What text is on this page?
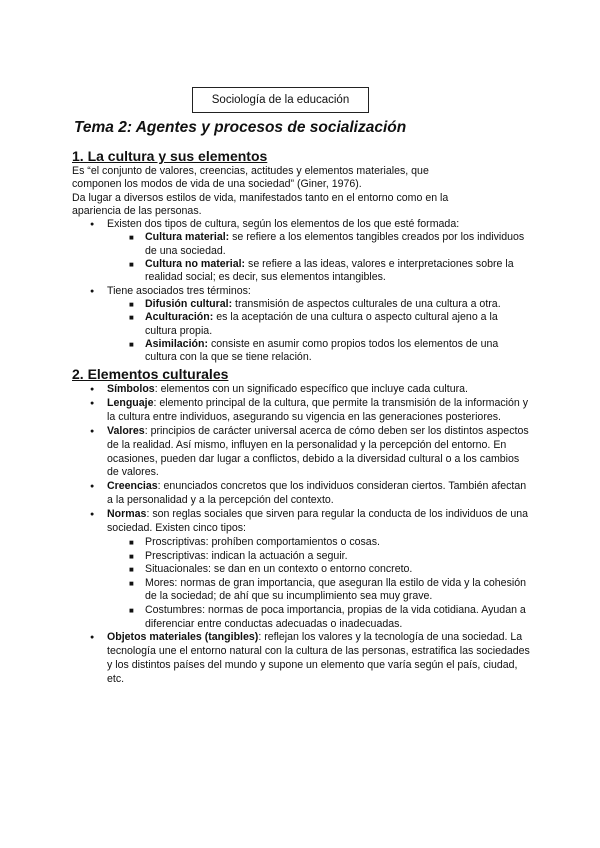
Sociología de la educación
Tema 2: Agentes y procesos de socialización
1. La cultura y sus elementos

Es “el conjunto de valores, creencias, actitudes y elementos materiales, que

componen los modos de vida de una sociedad” (Giner, 1976).

Da lugar a diversos estilos de vida, manifestados tanto en el entorno como en la

apariencia de las personas.

● Existen dos tipos de cultura, según los elementos de los que esté formada:
■ Cultura material: se refiere a los elementos tangibles creados por los individuos de una sociedad.
■ Cultura no material: se refiere a las ideas, valores e interpretaciones sobre la realidad social; es decir, sus elementos intangibles.
● Tiene asociados tres términos:
■ Difusión cultural: transmisión de aspectos culturales de una cultura a otra.
■ Aculturación: es la aceptación de una cultura o aspecto cultural ajeno a la cultura propia.
■ Asimilación: consiste en asumir como propios todos los elementos de una cultura con la que se tiene relación.
2. Elementos culturales
● Símbolos: elementos con un significado específico que incluye cada cultura.
● Lenguaje: elemento principal de la cultura, que permite la transmisión de la información y la cultura entre individuos, asegurando su vigencia en las generaciones posteriores.
● Valores: principios de carácter universal acerca de cómo deben ser los distintos aspectos de la realidad. Así mismo, influyen en la personalidad y la percepción del entorno. En ocasiones, pueden dar lugar a conflictos, debido a la diversidad cultural o a los cambios de valores.
● Creencias: enunciados concretos que los individuos consideran ciertos. También afectan a la personalidad y a la percepción del contexto.
● Normas: son reglas sociales que sirven para regular la conducta de los individuos de una sociedad. Existen cinco tipos:
■ Proscriptivas: prohíben comportamientos o cosas.
■ Prescriptivas: indican la actuación a seguir.
■ Situacionales: se dan en un contexto o entorno concreto.
■ Mores: normas de gran importancia, que aseguran lla estilo de vida y la cohesión de la sociedad; de ahí que su incumplimiento sea muy grave.
■ Costumbres: normas de poca importancia, propias de la vida cotidiana. Ayudan a diferenciar entre conductas adecuadas o inadecuadas.
● Objetos materiales (tangibles): reflejan los valores y la tecnología de una sociedad. La tecnología une el entorno natural con la cultura de las personas, estratifica las sociedades y los distintos países del mundo y supone un elemento que varía según el país, ciudad, etc.
